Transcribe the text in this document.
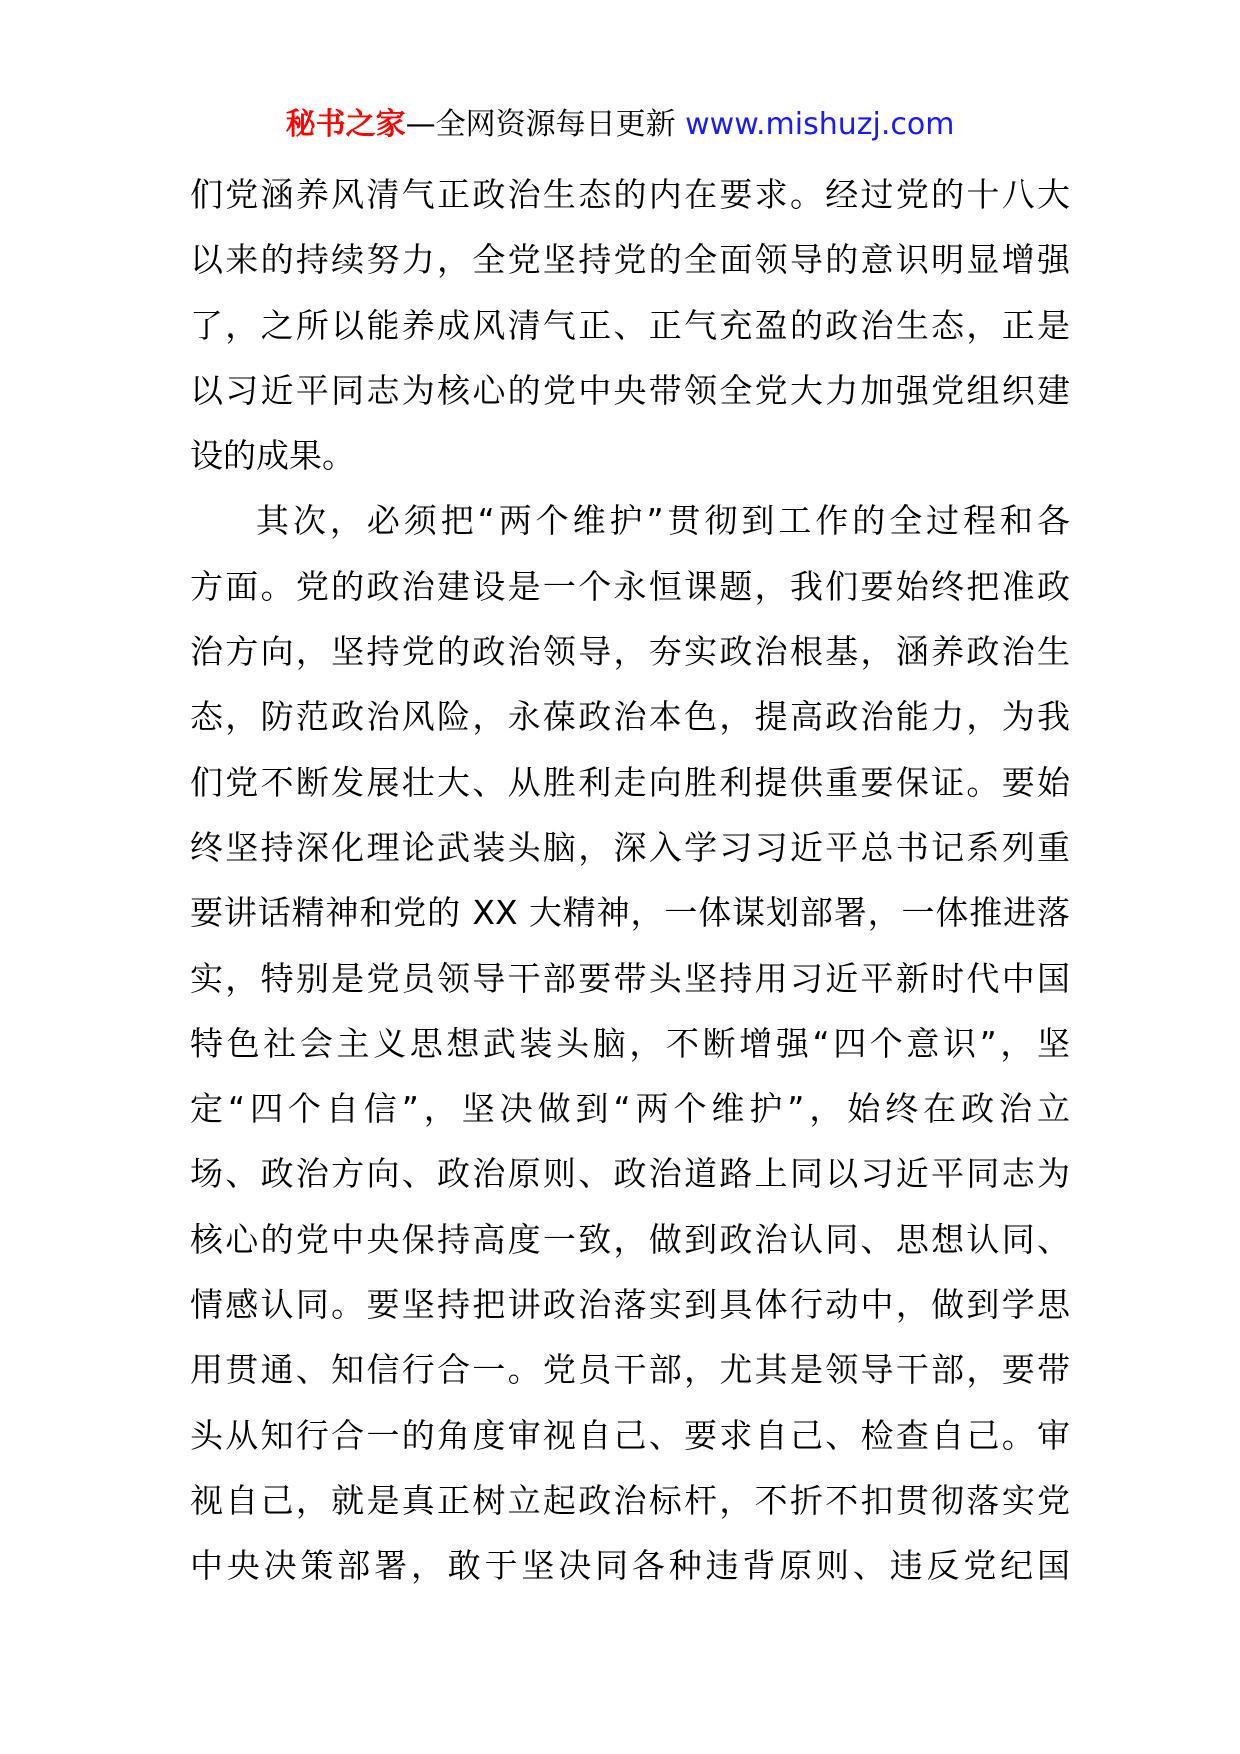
秘书之家—全网资源每日更新 www.mishuzj.com
们党涵养风清气正政治生态的内在要求。经过党的十八大
以来的持续努力，全党坚持党的全面领导的意识明显增强
了，之所以能养成风清气正、正气充盈的政治生态，正是
以习近平同志为核心的党中央带领全党大力加强党组织建
设的成果。
其次，必须把“两个维护”贯彻到工作的全过程和各
方面。党的政治建设是一个永恒课题，我们要始终把准政
治方向，坚持党的政治领导，夯实政治根基，涵养政治生
态，防范政治风险，永葆政治本色，提高政治能力，为我
们党不断发展壮大、从胜利走向胜利提供重要保证。要始
终坚持深化理论武装头脑，深入学习习近平总书记系列重
要讲话精神和党的 XX 大精神，一体谋划部署，一体推进落
实，特别是党员领导干部要带头坚持用习近平新时代中国
特色社会主义思想武装头脑，不断增强“四个意识”，坚
定“四个自信”，坚决做到“两个维护”，始终在政治立
场、政治方向、政治原则、政治道路上同以习近平同志为
核心的党中央保持高度一致，做到政治认同、思想认同、
情感认同。要坚持把讲政治落实到具体行动中，做到学思
用贯通、知信行合一。党员干部，尤其是领导干部，要带
头从知行合一的角度审视自己、要求自己、检查自己。审
视自己，就是真正树立起政治标杆，不折不扣贯彻落实党
中央决策部署，敢于坚决同各种违背原则、违反党纪国
